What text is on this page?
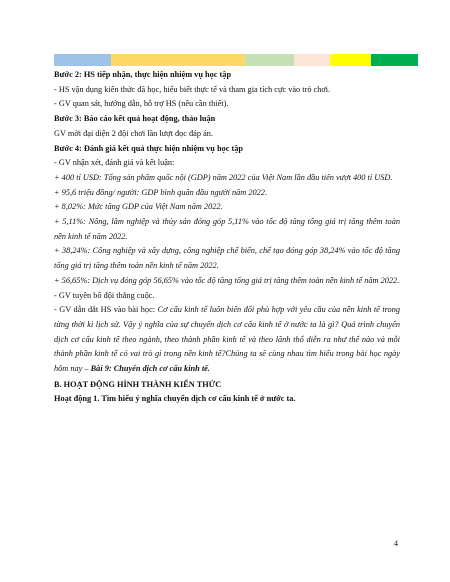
Bước 2: HS tiếp nhận, thực hiện nhiệm vụ học tập

- HS vận dụng kiến thức đã học, hiểu biết thực tế và tham gia tích cực vào trò chơi.

- GV quan sát, hướng dẫn, hỗ trợ HS (nếu cần thiết).

Bước 3: Báo cáo kết quả hoạt động, thảo luận

GV mời đại diện 2 đội chơi lần lượt đọc đáp án.

Bước 4: Đánh giá kết quả thực hiện nhiệm vụ học tập

- GV nhận xét, đánh giá và kết luận:

+ 400 tỉ USD: Tổng sản phẩm quốc nội (GDP) năm 2022 của Việt Nam lần đầu tiên vượt 400 tỉ USD.

+ 95,6 triệu đồng/ người: GDP bình quân đầu người năm 2022.

+ 8,02%: Mức tăng GDP của Việt Nam năm 2022.

+ 5,11%: Nông, lâm nghiệp và thủy sản đóng góp 5,11% vào tốc độ tăng tổng giá trị tăng thêm toàn nền kinh tế năm 2022.

+ 38,24%: Công nghiệp và xây dựng, công nghiệp chế biến, chế tạo đóng góp 38,24% vào tốc độ tăng tổng giá trị tăng thêm toàn nền kinh tế năm 2022.

+ 56,65%: Dịch vụ đóng góp 56,65% vào tốc độ tăng tổng giá trị tăng thêm toàn nền kinh tế năm 2022.

- GV tuyên bố đội thắng cuộc.

- GV dẫn dắt HS vào bài học: Cơ cấu kinh tế luôn biến đổi phù hợp với yêu cầu của nền kinh tế trong từng thời kì lịch sử. Vậy ý nghĩa của sự chuyển dịch cơ cấu kinh tế ở nước ta là gì? Quá trình chuyển dịch cơ cấu kinh tế theo ngành, theo thành phần kinh tế và theo lãnh thổ diễn ra như thế nào và mỗi thành phần kinh tế có vai trò gì trong nền kinh tế?Chúng ta sẽ cùng nhau tìm hiểu trong bài học ngày hôm nay – Bài 9: Chuyển dịch cơ cấu kinh tế.

B. HOẠT ĐỘNG HÌNH THÀNH KIẾN THỨC

Hoạt động 1. Tìm hiểu ý nghĩa chuyển dịch cơ cấu kinh tế ở nước ta.

4
